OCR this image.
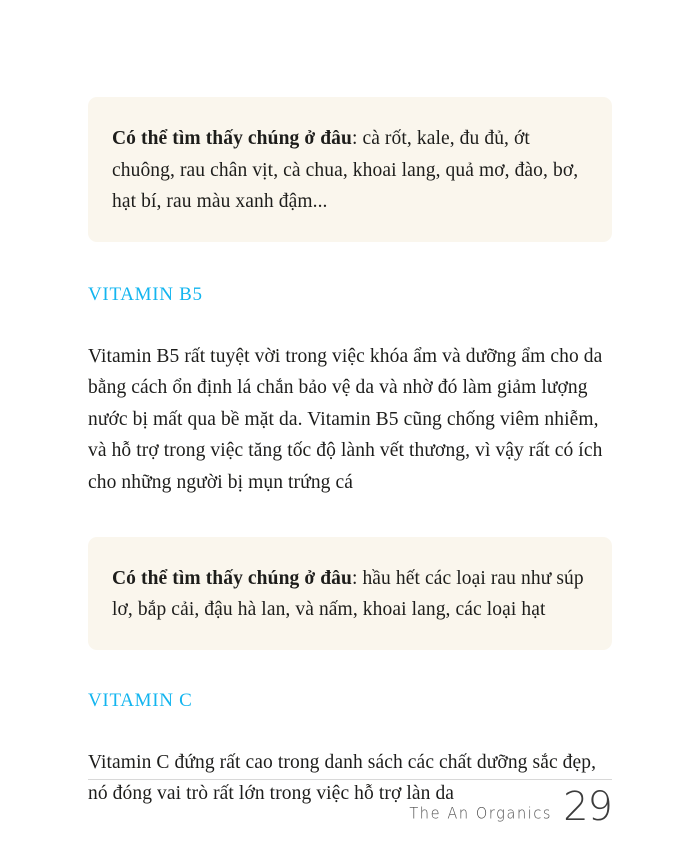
Có thể tìm thấy chúng ở đâu: cà rốt, kale, đu đủ, ớt chuông, rau chân vịt, cà chua, khoai lang, quả mơ, đào, bơ, hạt bí, rau màu xanh đậm...

VITAMIN B5

Vitamin B5 rất tuyệt vời trong việc khóa ẩm và dưỡng ẩm cho da bằng cách ổn định lá chắn bảo vệ da và nhờ đó làm giảm lượng nước bị mất qua bề mặt da. Vitamin B5 cũng chống viêm nhiễm, và hỗ trợ trong việc tăng tốc độ lành vết thương, vì vậy rất có ích cho những người bị mụn trứng cá

Có thể tìm thấy chúng ở đâu: hầu hết các loại rau như súp lơ, bắp cải, đậu hà lan, và nấm, khoai lang, các loại hạt

VITAMIN C

Vitamin C đứng rất cao trong danh sách các chất dưỡng sắc đẹp, nó đóng vai trò rất lớn trong việc hỗ trợ làn da

The An Organics 29
